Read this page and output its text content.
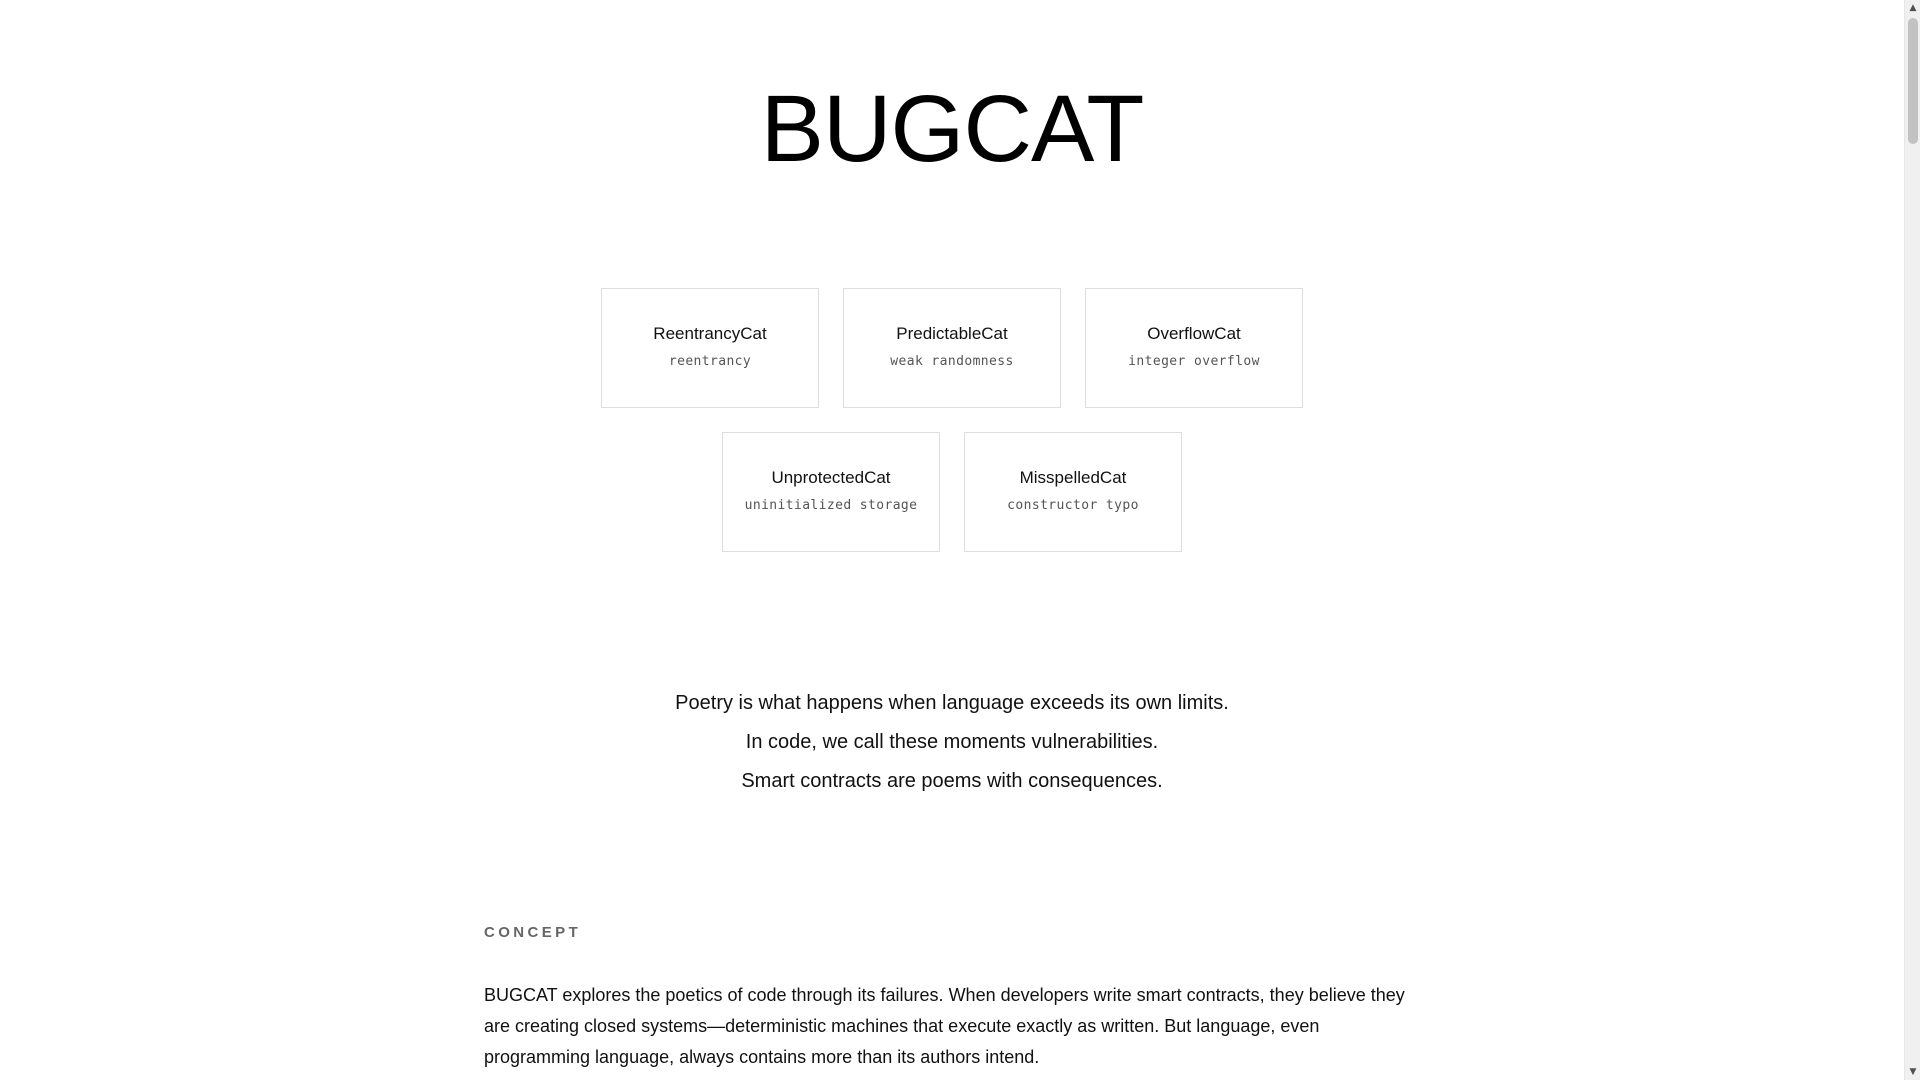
BUGCAT
ReentrancyCat
reentrancy
PredictableCat
weak randomness
OverflowCat
integer overflow
UnprotectedCat
uninitialized storage
MisspelledCat
constructor typo
Poetry is what happens when language exceeds its own limits.
In code, we call these moments vulnerabilities.
Smart contracts are poems with consequences.
CONCEPT

BUGCAT explores the poetics of code through its failures. When developers write smart contracts, they believe they are creating closed systems—deterministic machines that execute exactly as written. But language, even programming language, always contains more than its authors intend.

▲
▼
